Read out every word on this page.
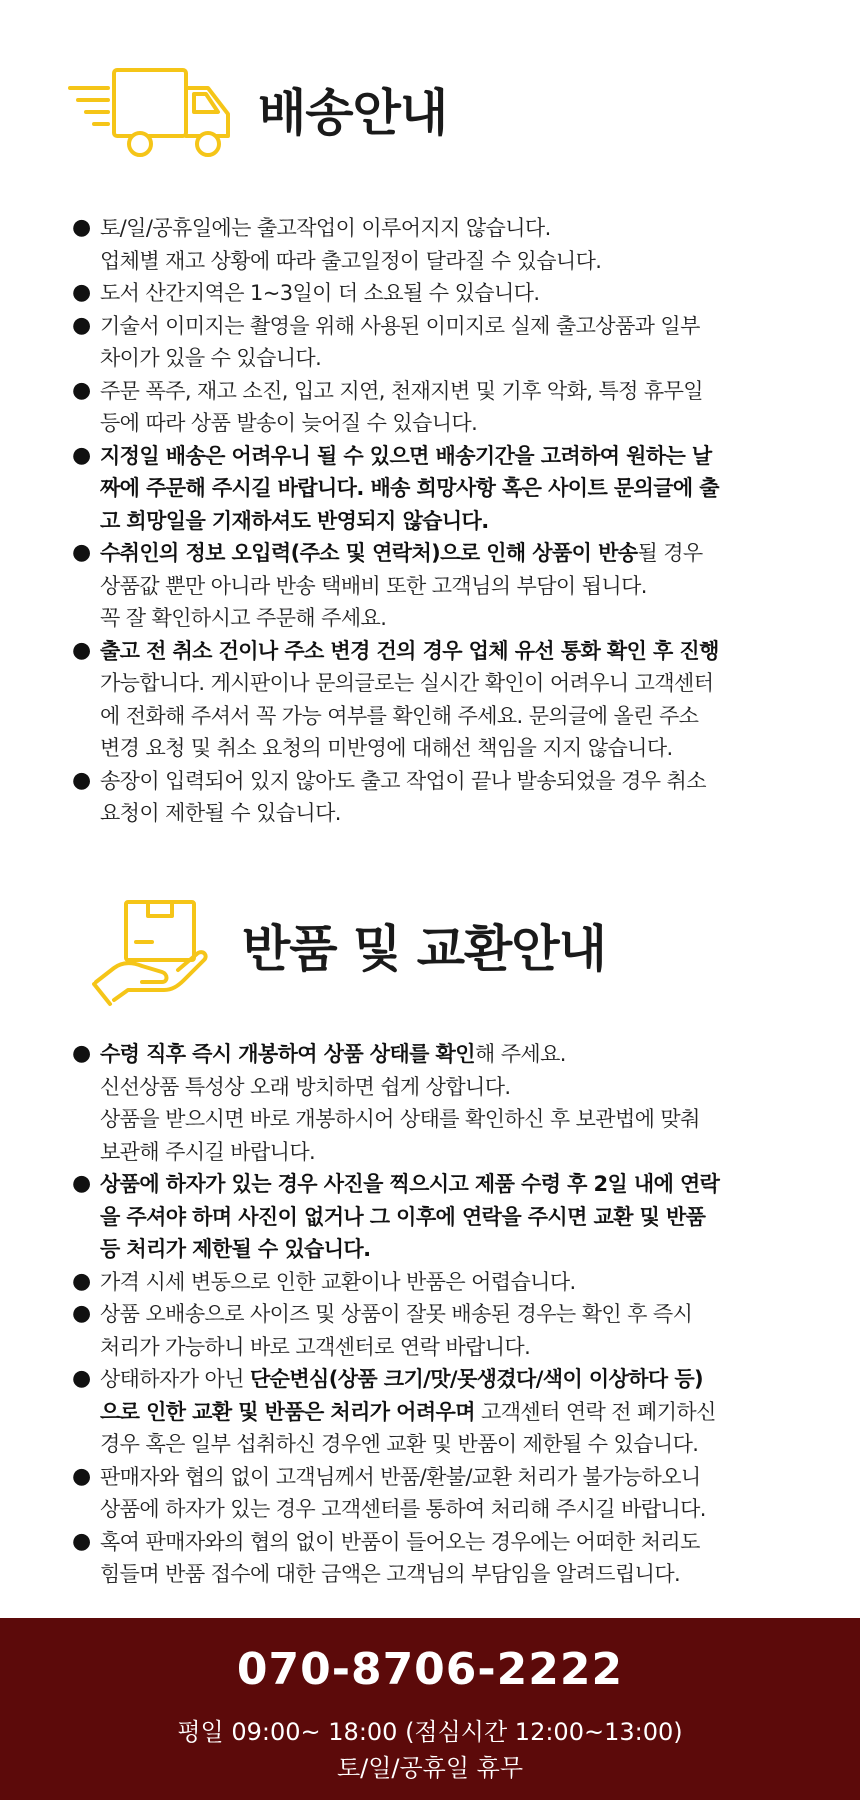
배송안내
● 토/일/공휴일에는 출고작업이 이루어지지 않습니다.
업체별 재고 상황에 따라 출고일정이 달라질 수 있습니다.
● 도서 산간지역은 1~3일이 더 소요될 수 있습니다.
● 기술서 이미지는 촬영을 위해 사용된 이미지로 실제 출고상품과 일부
차이가 있을 수 있습니다.
● 주문 폭주, 재고 소진, 입고 지연, 천재지변 및 기후 악화, 특정 휴무일
등에 따라 상품 발송이 늦어질 수 있습니다.
● 지정일 배송은 어려우니 될 수 있으면 배송기간을 고려하여 원하는 날
짜에 주문해 주시길 바랍니다. 배송 희망사항 혹은 사이트 문의글에 출
고 희망일을 기재하셔도 반영되지 않습니다.
● 수취인의 정보 오입력(주소 및 연락처)으로 인해 상품이 반송될 경우
상품값 뿐만 아니라 반송 택배비 또한 고객님의 부담이 됩니다.
꼭 잘 확인하시고 주문해 주세요.
● 출고 전 취소 건이나 주소 변경 건의 경우 업체 유선 통화 확인 후 진행
가능합니다. 게시판이나 문의글로는 실시간 확인이 어려우니 고객센터
에 전화해 주셔서 꼭 가능 여부를 확인해 주세요. 문의글에 올린 주소
변경 요청 및 취소 요청의 미반영에 대해선 책임을 지지 않습니다.
● 송장이 입력되어 있지 않아도 출고 작업이 끝나 발송되었을 경우 취소
요청이 제한될 수 있습니다.
반품 및 교환안내
● 수령 직후 즉시 개봉하여 상품 상태를 확인해 주세요.
신선상품 특성상 오래 방치하면 쉽게 상합니다.
상품을 받으시면 바로 개봉하시어 상태를 확인하신 후 보관법에 맞춰
보관해 주시길 바랍니다.
● 상품에 하자가 있는 경우 사진을 찍으시고 제품 수령 후 2일 내에 연락
을 주셔야 하며 사진이 없거나 그 이후에 연락을 주시면 교환 및 반품
등 처리가 제한될 수 있습니다.
● 가격 시세 변동으로 인한 교환이나 반품은 어렵습니다.
● 상품 오배송으로 사이즈 및 상품이 잘못 배송된 경우는 확인 후 즉시
처리가 가능하니 바로 고객센터로 연락 바랍니다.
● 상태하자가 아닌 단순변심(상품 크기/맛/못생겼다/색이 이상하다 등)
으로 인한 교환 및 반품은 처리가 어려우며 고객센터 연락 전 폐기하신
경우 혹은 일부 섭취하신 경우엔 교환 및 반품이 제한될 수 있습니다.
● 판매자와 협의 없이 고객님께서 반품/환불/교환 처리가 불가능하오니
상품에 하자가 있는 경우 고객센터를 통하여 처리해 주시길 바랍니다.
● 혹여 판매자와의 협의 없이 반품이 들어오는 경우에는 어떠한 처리도
힘들며 반품 접수에 대한 금액은 고객님의 부담임을 알려드립니다.
070-8706-2222
평일 09:00~ 18:00 (점심시간 12:00~13:00)
토/일/공휴일 휴무
